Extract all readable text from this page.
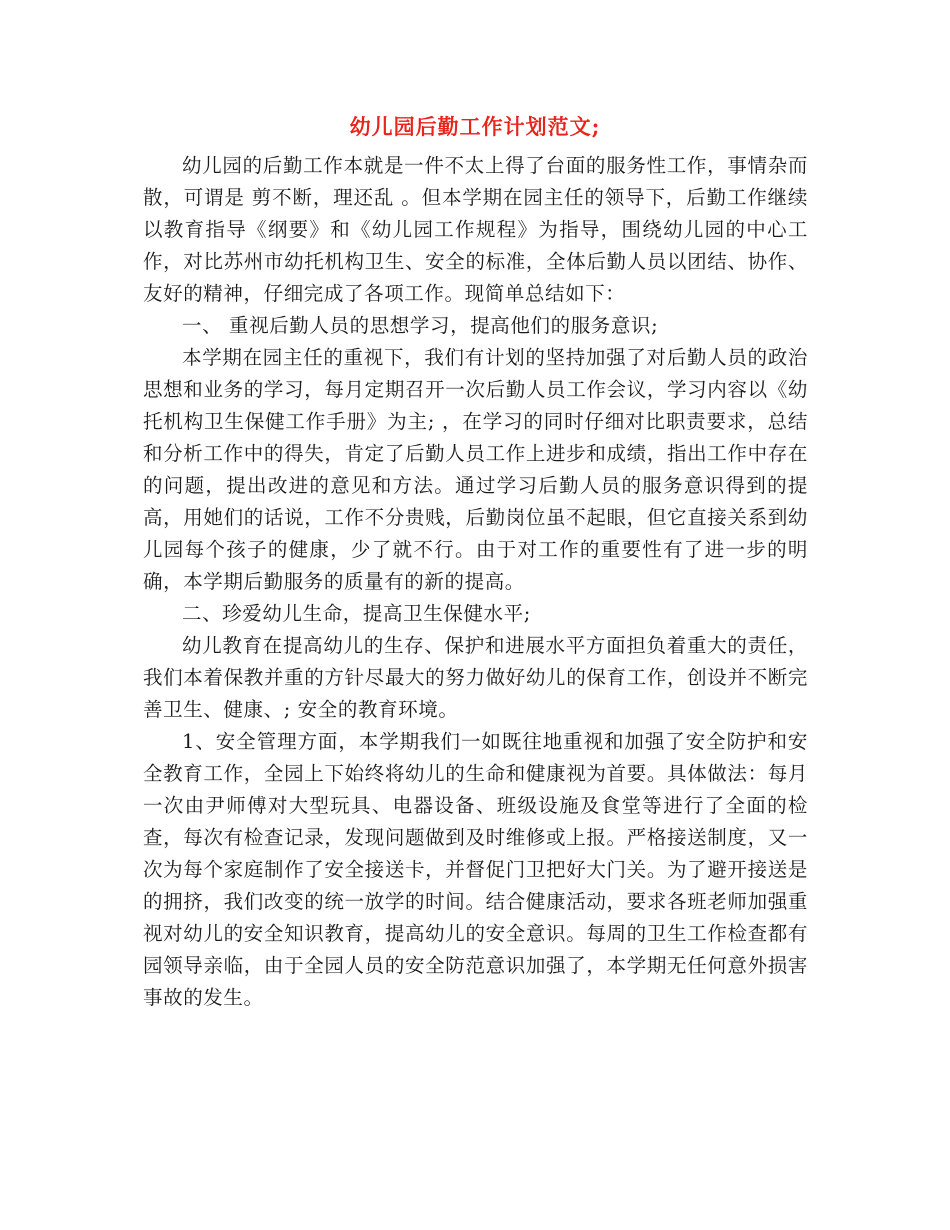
幼儿园后勤工作计划范文;

幼儿园的后勤工作本就是一件不太上得了台面的服务性工作，事情杂而散，可谓是 剪不断，理还乱 。但本学期在园主任的领导下，后勤工作继续以教育指导《纲要》和《幼儿园工作规程》为指导，围绕幼儿园的中心工作，对比苏州市幼托机构卫生、安全的标准，全体后勤人员以团结、协作、友好的精神，仔细完成了各项工作。现简单总结如下：

一、 重视后勤人员的思想学习，提高他们的服务意识;

本学期在园主任的重视下，我们有计划的坚持加强了对后勤人员的政治思想和业务的学习，每月定期召开一次后勤人员工作会议，学习内容以《幼托机构卫生保健工作手册》为主; ，在学习的同时仔细对比职责要求，总结和分析工作中的得失，肯定了后勤人员工作上进步和成绩，指出工作中存在的问题，提出改进的意见和方法。通过学习后勤人员的服务意识得到的提高，用她们的话说，工作不分贵贱，后勤岗位虽不起眼，但它直接关系到幼儿园每个孩子的健康，少了就不行。由于对工作的重要性有了进一步的明确，本学期后勤服务的质量有的新的提高。

二、珍爱幼儿生命，提高卫生保健水平;

幼儿教育在提高幼儿的生存、保护和进展水平方面担负着重大的责任，我们本着保教并重的方针尽最大的努力做好幼儿的保育工作，创设并不断完善卫生、健康、; 安全的教育环境。

1、安全管理方面，本学期我们一如既往地重视和加强了安全防护和安全教育工作，全园上下始终将幼儿的生命和健康视为首要。具体做法：每月一次由尹师傅对大型玩具、电器设备、班级设施及食堂等进行了全面的检查，每次有检查记录，发现问题做到及时维修或上报。严格接送制度，又一次为每个家庭制作了安全接送卡，并督促门卫把好大门关。为了避开接送是的拥挤，我们改变的统一放学的时间。结合健康活动，要求各班老师加强重视对幼儿的安全知识教育，提高幼儿的安全意识。每周的卫生工作检查都有园领导亲临，由于全园人员的安全防范意识加强了，本学期无任何意外损害事故的发生。
